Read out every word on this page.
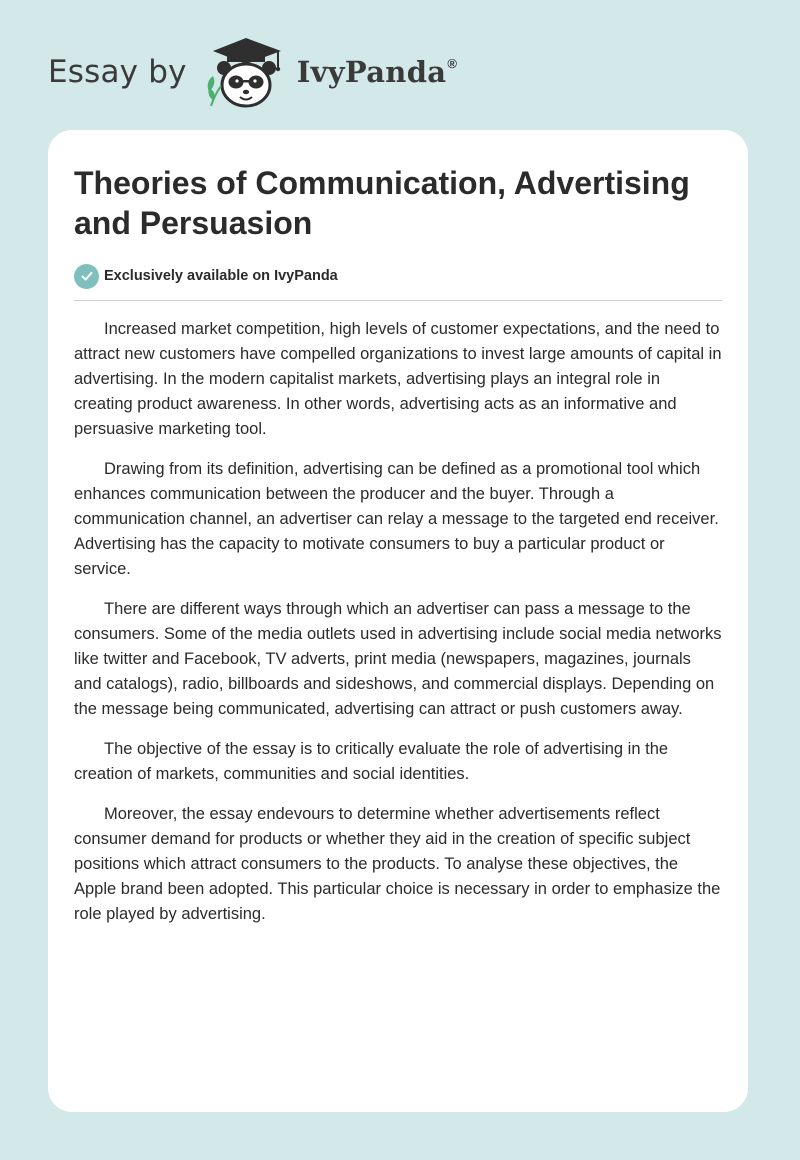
Essay by	IvyPanda®
Theories of Communication, Advertising and Persuasion
Exclusively available on IvyPanda

Increased market competition, high levels of customer expectations, and the need to attract new customers have compelled organizations to invest large amounts of capital in advertising. In the modern capitalist markets, advertising plays an integral role in creating product awareness. In other words, advertising acts as an informative and persuasive marketing tool.

Drawing from its definition, advertising can be defined as a promotional tool which enhances communication between the producer and the buyer. Through a communication channel, an advertiser can relay a message to the targeted end receiver. Advertising has the capacity to motivate consumers to buy a particular product or service.

There are different ways through which an advertiser can pass a message to the consumers. Some of the media outlets used in advertising include social media networks like twitter and Facebook, TV adverts, print media (newspapers, magazines, journals and catalogs), radio, billboards and sideshows, and commercial displays. Depending on the message being communicated, advertising can attract or push customers away.

The objective of the essay is to critically evaluate the role of advertising in the creation of markets, communities and social identities.

Moreover, the essay endevours to determine whether advertisements reflect consumer demand for products or whether they aid in the creation of specific subject positions which attract consumers to the products. To analyse these objectives, the Apple brand been adopted. This particular choice is necessary in order to emphasize the role played by advertising.
